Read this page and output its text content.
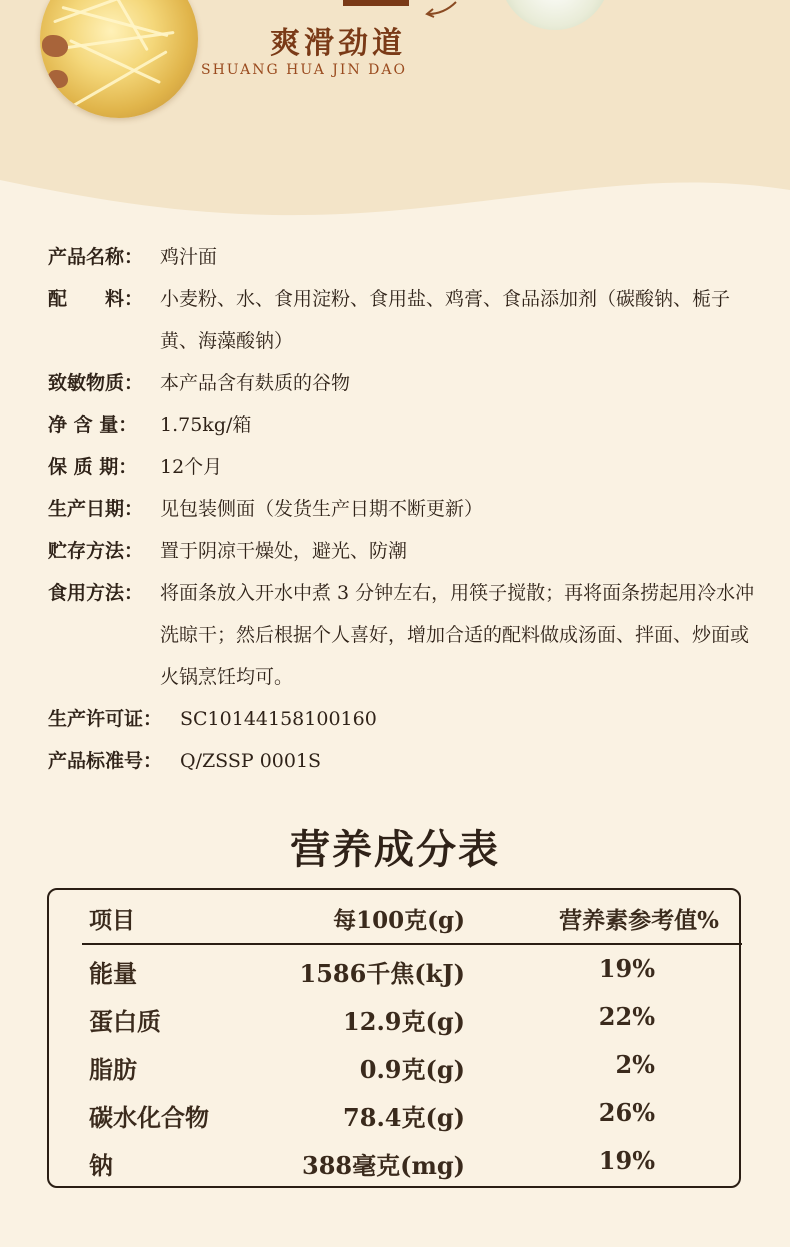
爽滑劲道
SHUANG HUA JIN DAO
产品名称： 鸡汁面
配　　料： 小麦粉、水、食用淀粉、食用盐、鸡膏、食品添加剂（碳酸钠、栀子黄、海藻酸钠）
致敏物质： 本产品含有麸质的谷物
净 含 量：	1.75kg/箱
保 质 期：	12个月
生产日期： 见包装侧面（发货生产日期不断更新）
贮存方法： 置于阴凉干燥处，避光、防潮
食用方法： 将面条放入开水中煮 3 分钟左右，用筷子搅散；再将面条捞起用冷水冲洗晾干；然后根据个人喜好，增加合适的配料做成汤面、拌面、炒面或火锅烹饪均可。
生产许可证： SC10144158100160
产品标准号： Q/ZSSP 0001S
营养成分表
项目	每100克(g)	营养素参考值%
能量	1586千焦(kJ)	19%
蛋白质	12.9克(g)	22%
脂肪	0.9克(g)	2%
碳水化合物	78.4克(g)	26%
钠	388毫克(mg)	19%
